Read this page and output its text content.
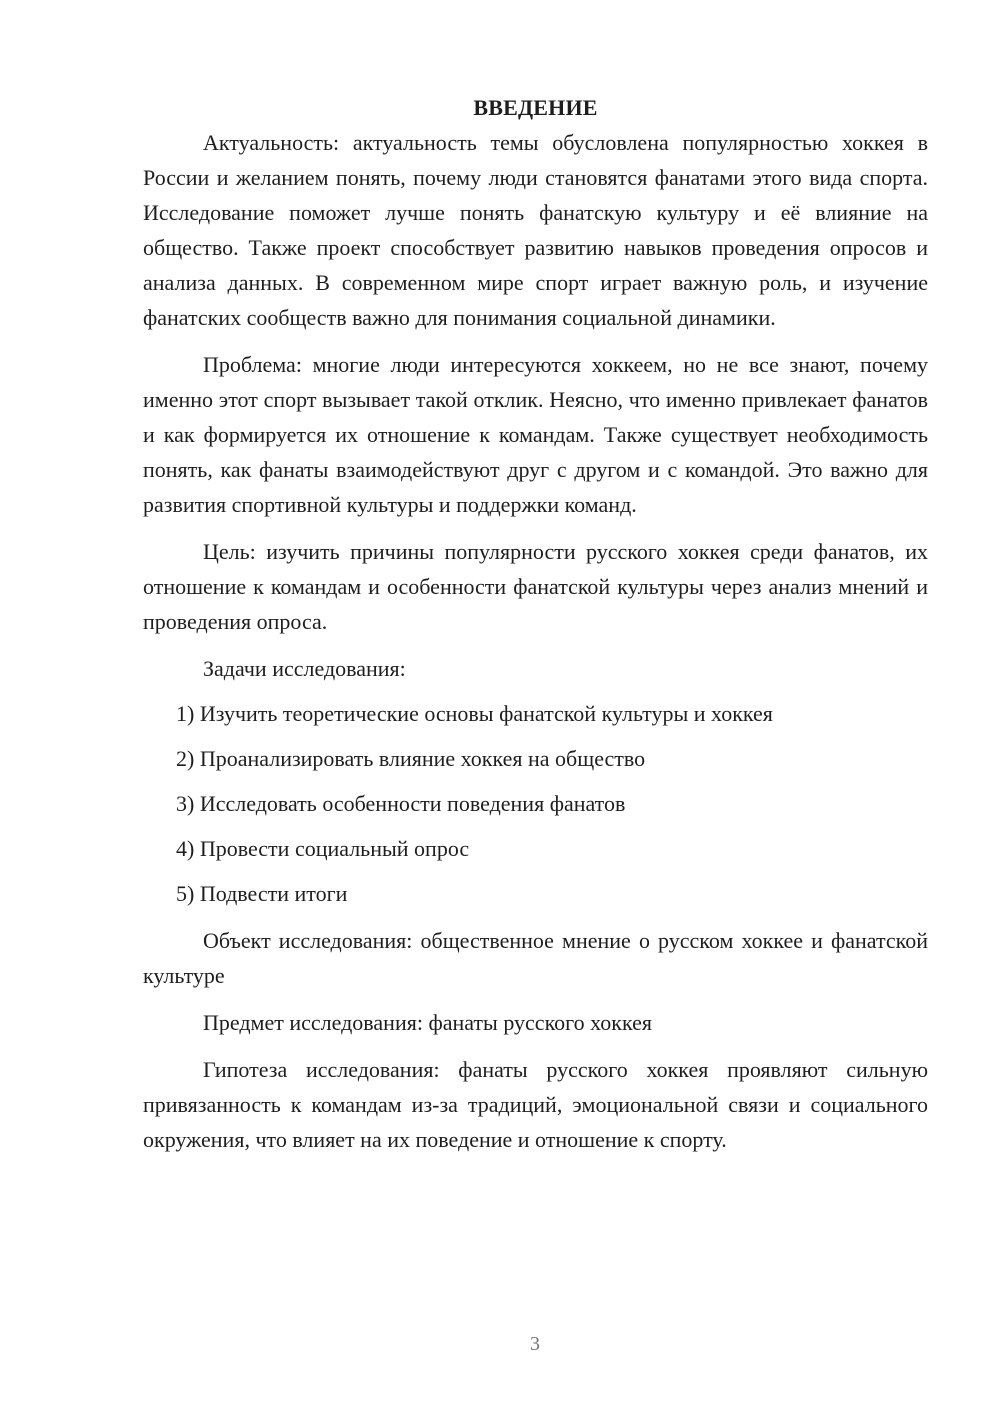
ВВЕДЕНИЕ

Актуальность: актуальность темы обусловлена популярностью хоккея в России и желанием понять, почему люди становятся фанатами этого вида спорта. Исследование поможет лучше понять фанатскую культуру и её влияние на общество. Также проект способствует развитию навыков проведения опросов и анализа данных. В современном мире спорт играет важную роль, и изучение фанатских сообществ важно для понимания социальной динамики.

Проблема: многие люди интересуются хоккеем, но не все знают, почему именно этот спорт вызывает такой отклик. Неясно, что именно привлекает фанатов и как формируется их отношение к командам. Также существует необходимость понять, как фанаты взаимодействуют друг с другом и с командой. Это важно для развития спортивной культуры и поддержки команд.

Цель: изучить причины популярности русского хоккея среди фанатов, их отношение к командам и особенности фанатской культуры через анализ мнений и проведения опроса.

Задачи исследования:

1) Изучить теоретические основы фанатской культуры и хоккея
2) Проанализировать влияние хоккея на общество
3) Исследовать особенности поведения фанатов
4) Провести социальный опрос
5) Подвести итоги

Объект исследования: общественное мнение о русском хоккее и фанатской культуре

Предмет исследования: фанаты русского хоккея

Гипотеза исследования: фанаты русского хоккея проявляют сильную привязанность к командам из-за традиций, эмоциональной связи и социального окружения, что влияет на их поведение и отношение к спорту.

3
